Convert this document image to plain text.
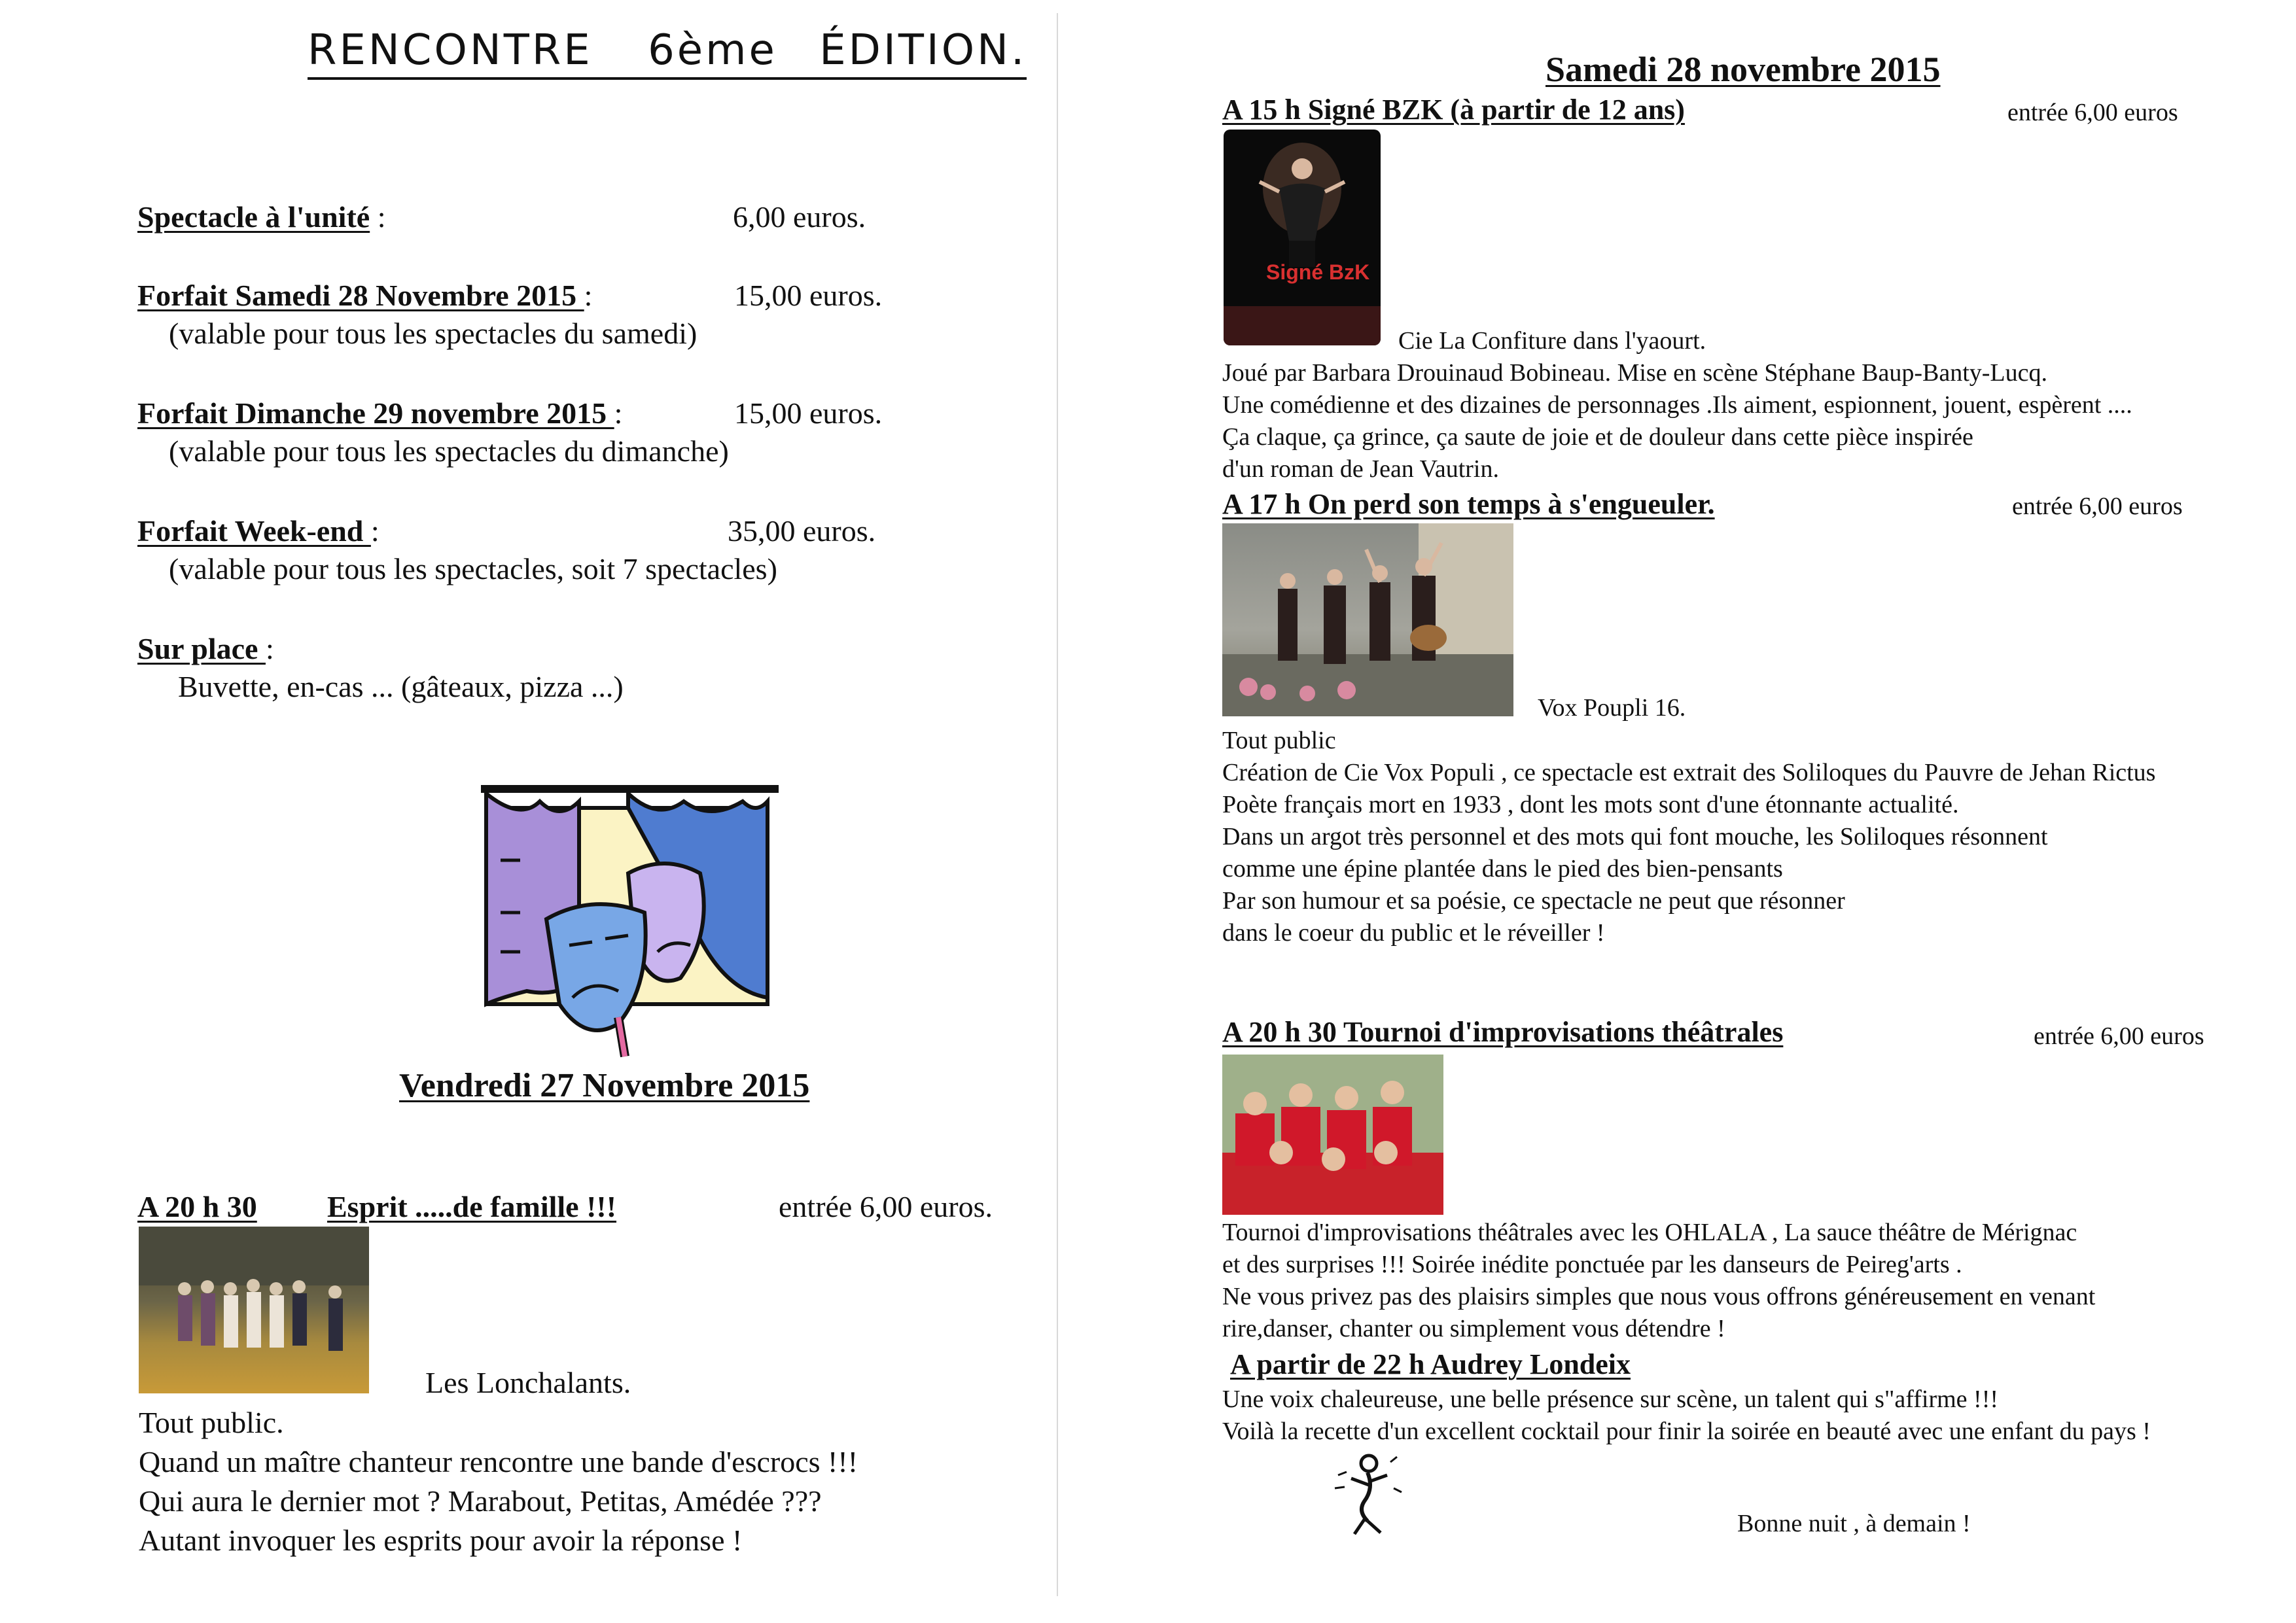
RENCONTRE 6ème ÉDITION.
Spectacle à l'unité :	6,00 euros.
Forfait Samedi 28 Novembre 2015 :	15,00 euros.
(valable pour tous les spectacles du samedi)
Forfait Dimanche 29 novembre 2015 :	15,00 euros.
(valable pour tous les spectacles du dimanche)
Forfait Week-end :	35,00 euros.
(valable pour tous les spectacles, soit 7 spectacles)
Sur place :
Buvette, en-cas ... (gâteaux, pizza ...)
Vendredi 27 Novembre 2015
A 20 h 30 Esprit .....de famille !!!	entrée 6,00 euros.
Les Lonchalants.
Tout public.
Quand un maître chanteur rencontre une bande d'escrocs !!!
Qui aura le dernier mot ? Marabout, Petitas, Amédée ???
Autant invoquer les esprits pour avoir la réponse !
Samedi 28 novembre 2015
A 15 h Signé BZK (à partir de 12 ans)	entrée 6,00 euros
Signé BzK
Cie La Confiture dans l'yaourt.
Joué par Barbara Drouinaud Bobineau. Mise en scène Stéphane Baup-Banty-Lucq.
Une comédienne et des dizaines de personnages .Ils aiment, espionnent, jouent, espèrent ....
Ça claque, ça grince, ça saute de joie et de douleur dans cette pièce inspirée
d'un roman de Jean Vautrin.
A 17 h On perd son temps à s'engueuler.	entrée 6,00 euros
Vox Poupli 16.
Tout public
Création de Cie Vox Populi , ce spectacle est extrait des Soliloques du Pauvre de Jehan Rictus
Poète français mort en 1933 , dont les mots sont d'une étonnante actualité.
Dans un argot très personnel et des mots qui font mouche, les Soliloques résonnent
comme une épine plantée dans le pied des bien-pensants
Par son humour et sa poésie, ce spectacle ne peut que résonner
dans le coeur du public et le réveiller !
A 20 h 30 Tournoi d'improvisations théâtrales	entrée 6,00 euros
Tournoi d'improvisations théâtrales avec les OHLALA , La sauce théâtre de Mérignac
et des surprises !!! Soirée inédite ponctuée par les danseurs de Peireg'arts .
Ne vous privez pas des plaisirs simples que nous vous offrons généreusement en venant
rire,danser, chanter ou simplement vous détendre !
A partir de 22 h Audrey Londeix
Une voix chaleureuse, une belle présence sur scène, un talent qui s"affirme !!!
Voilà la recette d'un excellent cocktail pour finir la soirée en beauté avec une enfant du pays !
Bonne nuit , à demain !
